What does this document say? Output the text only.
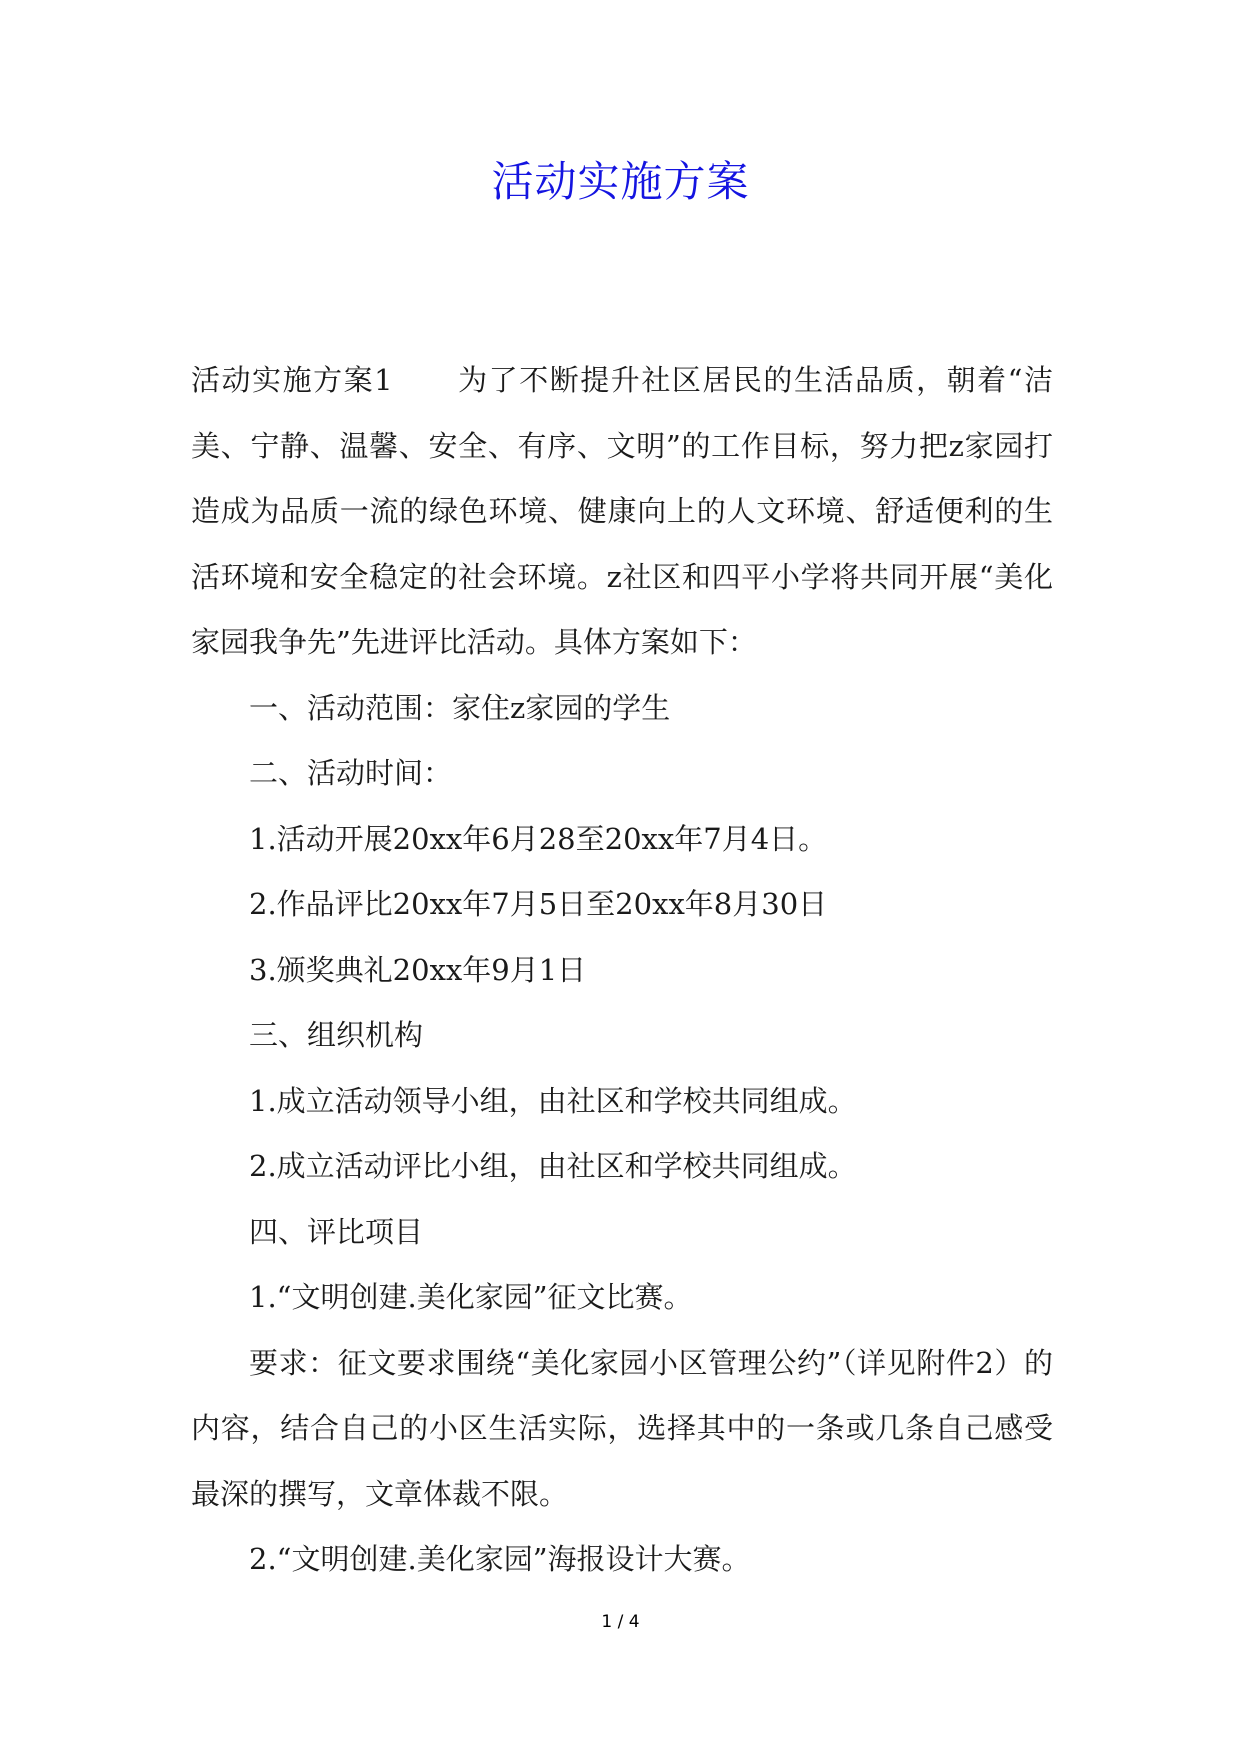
活动实施方案

活动实施方案1 为了不断提升社区居民的生活品质，朝着“洁美、宁静、温馨、安全、有序、文明”的工作目标，努力把z家园打造成为品质一流的绿色环境、健康向上的人文环境、舒适便利的生活环境和安全稳定的社会环境。z社区和四平小学将共同开展“美化家园我争先”先进评比活动。具体方案如下：

一、活动范围：家住z家园的学生

二、活动时间：

1.活动开展20xx年6月28至20xx年7月4日。

2.作品评比20xx年7月5日至20xx年8月30日

3.颁奖典礼20xx年9月1日

三、组织机构

1.成立活动领导小组，由社区和学校共同组成。

2.成立活动评比小组，由社区和学校共同组成。

四、评比项目

1.“文明创建.美化家园”征文比赛。

要求：征文要求围绕“美化家园小区管理公约”（详见附件2）的内容，结合自己的小区生活实际，选择其中的一条或几条自己感受最深的撰写，文章体裁不限。

2.“文明创建.美化家园”海报设计大赛。

1 / 4
